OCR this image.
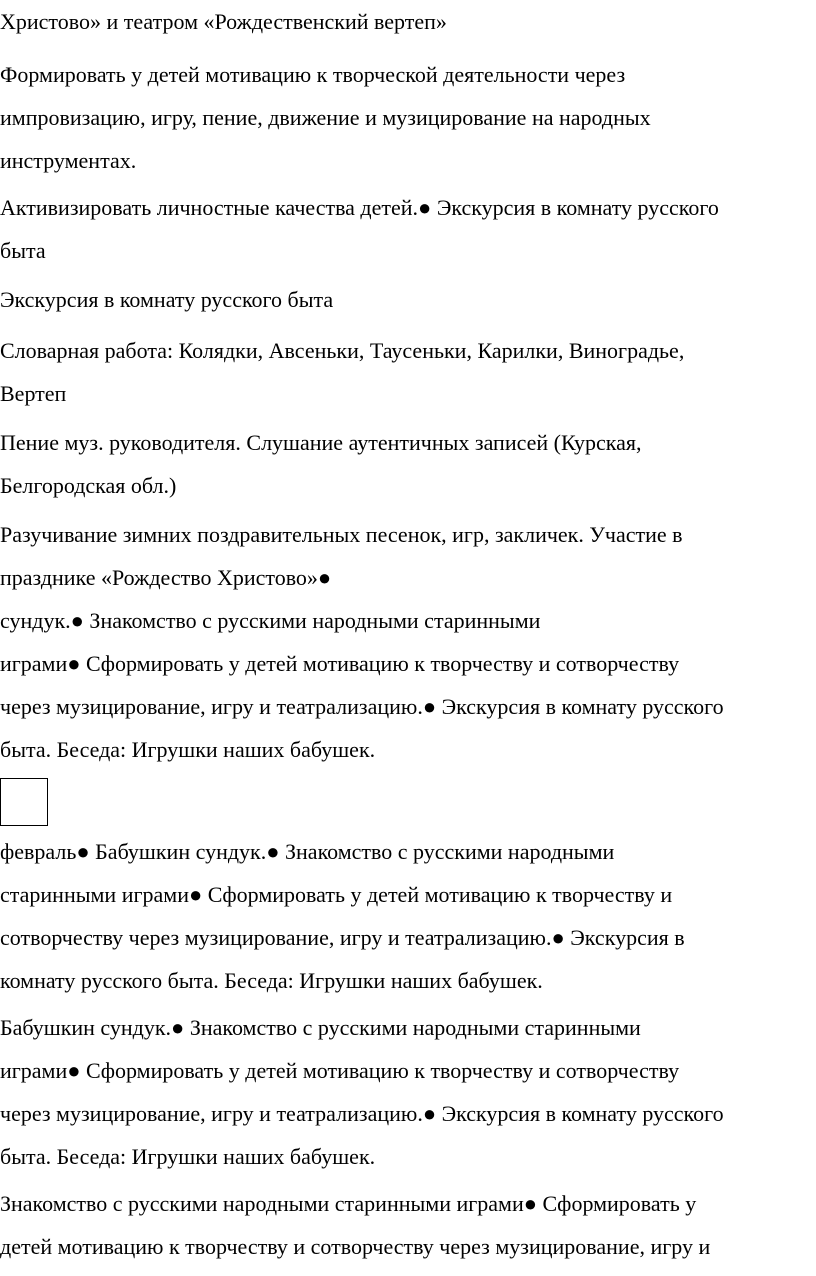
Христово» и театром «Рождественский вертеп»
Формировать у детей мотивацию к творческой деятельности через
импровизацию, игру, пение, движение и музицирование на народных
инструментах.
Активизировать личностные качества детей.● Экскурсия в комнату русского
быта
Экскурсия в комнату русского быта
Словарная работа: Колядки, Авсеньки, Таусеньки, Карилки, Виноградье,
Вертеп
Пение муз. руководителя. Слушание аутентичных записей (Курская,
Белгородская обл.)
Разучивание зимних поздравительных песенок, игр, закличек. Участие в
празднике «Рождество Христово»●
сундук.● Знакомство с русскими народными старинными
играми● Сформировать у детей мотивацию к творчеству и сотворчеству
через музицирование, игру и театрализацию.● Экскурсия в комнату русского
быта. Беседа: Игрушки наших бабушек.
февраль● Бабушкин сундук.● Знакомство с русскими народными
старинными играми● Сформировать у детей мотивацию к творчеству и
сотворчеству через музицирование, игру и театрализацию.● Экскурсия в
комнату русского быта. Беседа: Игрушки наших бабушек.
Бабушкин сундук.● Знакомство с русскими народными старинными
играми● Сформировать у детей мотивацию к творчеству и сотворчеству
через музицирование, игру и театрализацию.● Экскурсия в комнату русского
быта. Беседа: Игрушки наших бабушек.
Знакомство с русскими народными старинными играми● Сформировать у
детей мотивацию к творчеству и сотворчеству через музицирование, игру и
